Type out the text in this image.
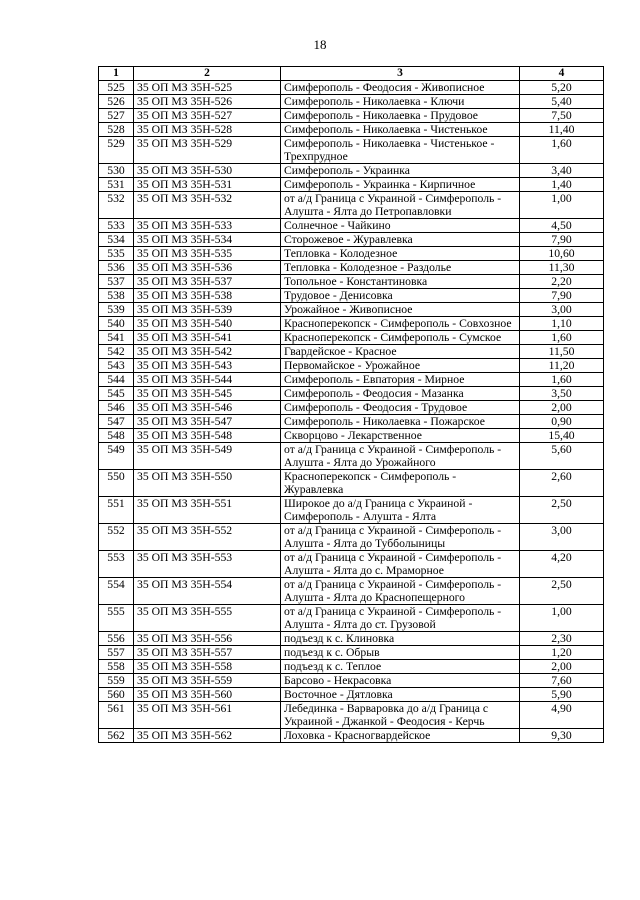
18
1	2	3	4
525	35 ОП МЗ 35Н-525	Симферополь - Феодосия - Живописное	5,20
526	35 ОП МЗ 35Н-526	Симферополь - Николаевка - Ключи	5,40
527	35 ОП МЗ 35Н-527	Симферополь - Николаевка - Прудовое	7,50
528	35 ОП МЗ 35Н-528	Симферополь - Николаевка - Чистенькое	11,40
529	35 ОП МЗ 35Н-529	Симферополь - Николаевка - Чистенькое - Трехпрудное	1,60
530	35 ОП МЗ 35Н-530	Симферополь - Украинка	3,40
531	35 ОП МЗ 35Н-531	Симферополь - Украинка - Кирпичное	1,40
532	35 ОП МЗ 35Н-532	от а/д Граница с Украиной - Симферополь - Алушта - Ялта до Петропавловки	1,00
533	35 ОП МЗ 35Н-533	Солнечное - Чайкино	4,50
534	35 ОП МЗ 35Н-534	Сторожевое - Журавлевка	7,90
535	35 ОП МЗ 35Н-535	Тепловка - Колодезное	10,60
536	35 ОП МЗ 35Н-536	Тепловка - Колодезное - Раздолье	11,30
537	35 ОП МЗ 35Н-537	Топольное - Константиновка	2,20
538	35 ОП МЗ 35Н-538	Трудовое - Денисовка	7,90
539	35 ОП МЗ 35Н-539	Урожайное - Живописное	3,00
540	35 ОП МЗ 35Н-540	Красноперекопск - Симферополь - Совхозное	1,10
541	35 ОП МЗ 35Н-541	Красноперекопск - Симферополь - Сумское	1,60
542	35 ОП МЗ 35Н-542	Гвардейское - Красное	11,50
543	35 ОП МЗ 35Н-543	Первомайское - Урожайное	11,20
544	35 ОП МЗ 35Н-544	Симферополь - Евпатория - Мирное	1,60
545	35 ОП МЗ 35Н-545	Симферополь - Феодосия - Мазанка	3,50
546	35 ОП МЗ 35Н-546	Симферополь - Феодосия - Трудовое	2,00
547	35 ОП МЗ 35Н-547	Симферополь - Николаевка - Пожарское	0,90
548	35 ОП МЗ 35Н-548	Скворцово - Лекарственное	15,40
549	35 ОП МЗ 35Н-549	от а/д Граница с Украиной - Симферополь - Алушта - Ялта до Урожайного	5,60
550	35 ОП МЗ 35Н-550	Красноперекопск - Симферополь - Журавлевка	2,60
551	35 ОП МЗ 35Н-551	Широкое до а/д Граница с Украиной - Симферополь - Алушта - Ялта	2,50
552	35 ОП МЗ 35Н-552	от а/д Граница с Украиной - Симферополь - Алушта - Ялта до Тубболыницы	3,00
553	35 ОП МЗ 35Н-553	от а/д Граница с Украиной - Симферополь - Алушта - Ялта до с. Мраморное	4,20
554	35 ОП МЗ 35Н-554	от а/д Граница с Украиной - Симферополь - Алушта - Ялта до Краснопещерного	2,50
555	35 ОП МЗ 35Н-555	от а/д Граница с Украиной - Симферополь - Алушта - Ялта до ст. Грузовой	1,00
556	35 ОП МЗ 35Н-556	подъезд к с. Клиновка	2,30
557	35 ОП МЗ 35Н-557	подъезд к с. Обрыв	1,20
558	35 ОП МЗ 35Н-558	подъезд к с. Теплое	2,00
559	35 ОП МЗ 35Н-559	Барсово - Некрасовка	7,60
560	35 ОП МЗ 35Н-560	Восточное - Дятловка	5,90
561	35 ОП МЗ 35Н-561	Лебединка - Варваровка до а/д Граница с Украиной - Джанкой - Феодосия - Керчь	4,90
562	35 ОП МЗ 35Н-562	Лоховка - Красногвардейское	9,30
